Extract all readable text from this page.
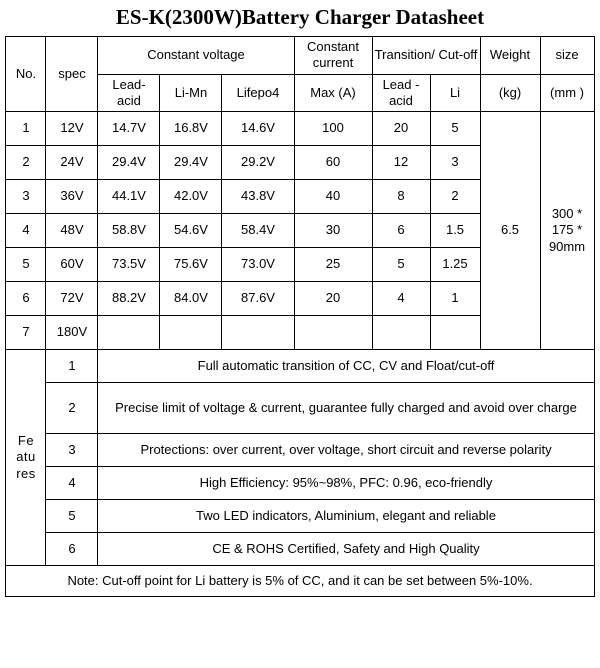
ES-K(2300W)Battery Charger Datasheet
No.	spec	Constant voltage			Constant current	Transition/ Cut-off		Weight	size
		Lead-acid	Li-Mn	Lifepo4	Max (A)	Lead -acid	Li	(kg)	(mm )
1	12V	14.7V	16.8V	14.6V	100	20	5	6.5	300 * 175 * 90mm
2	24V	29.4V	29.4V	29.2V	60	12	3		
3	36V	44.1V	42.0V	43.8V	40	8	2		
4	48V	58.8V	54.6V	58.4V	30	6	1.5		
5	60V	73.5V	75.6V	73.0V	25	5	1.25		
6	72V	88.2V	84.0V	87.6V	20	4	1		
7	180V								
Fe atu res	1	Full automatic transition of CC, CV and Float/cut-off							
	2	Precise limit of voltage & current, guarantee fully charged and avoid over charge							
	3	Protections: over current, over voltage, short circuit and reverse polarity							
	4	High Efficiency: 95%~98%, PFC: 0.96, eco-friendly							
	5	Two LED indicators, Aluminium, elegant and reliable							
	6	CE & ROHS Certified, Safety and High Quality							
Note: Cut-off point for Li battery is 5% of CC, and it can be set between 5%-10%.									
